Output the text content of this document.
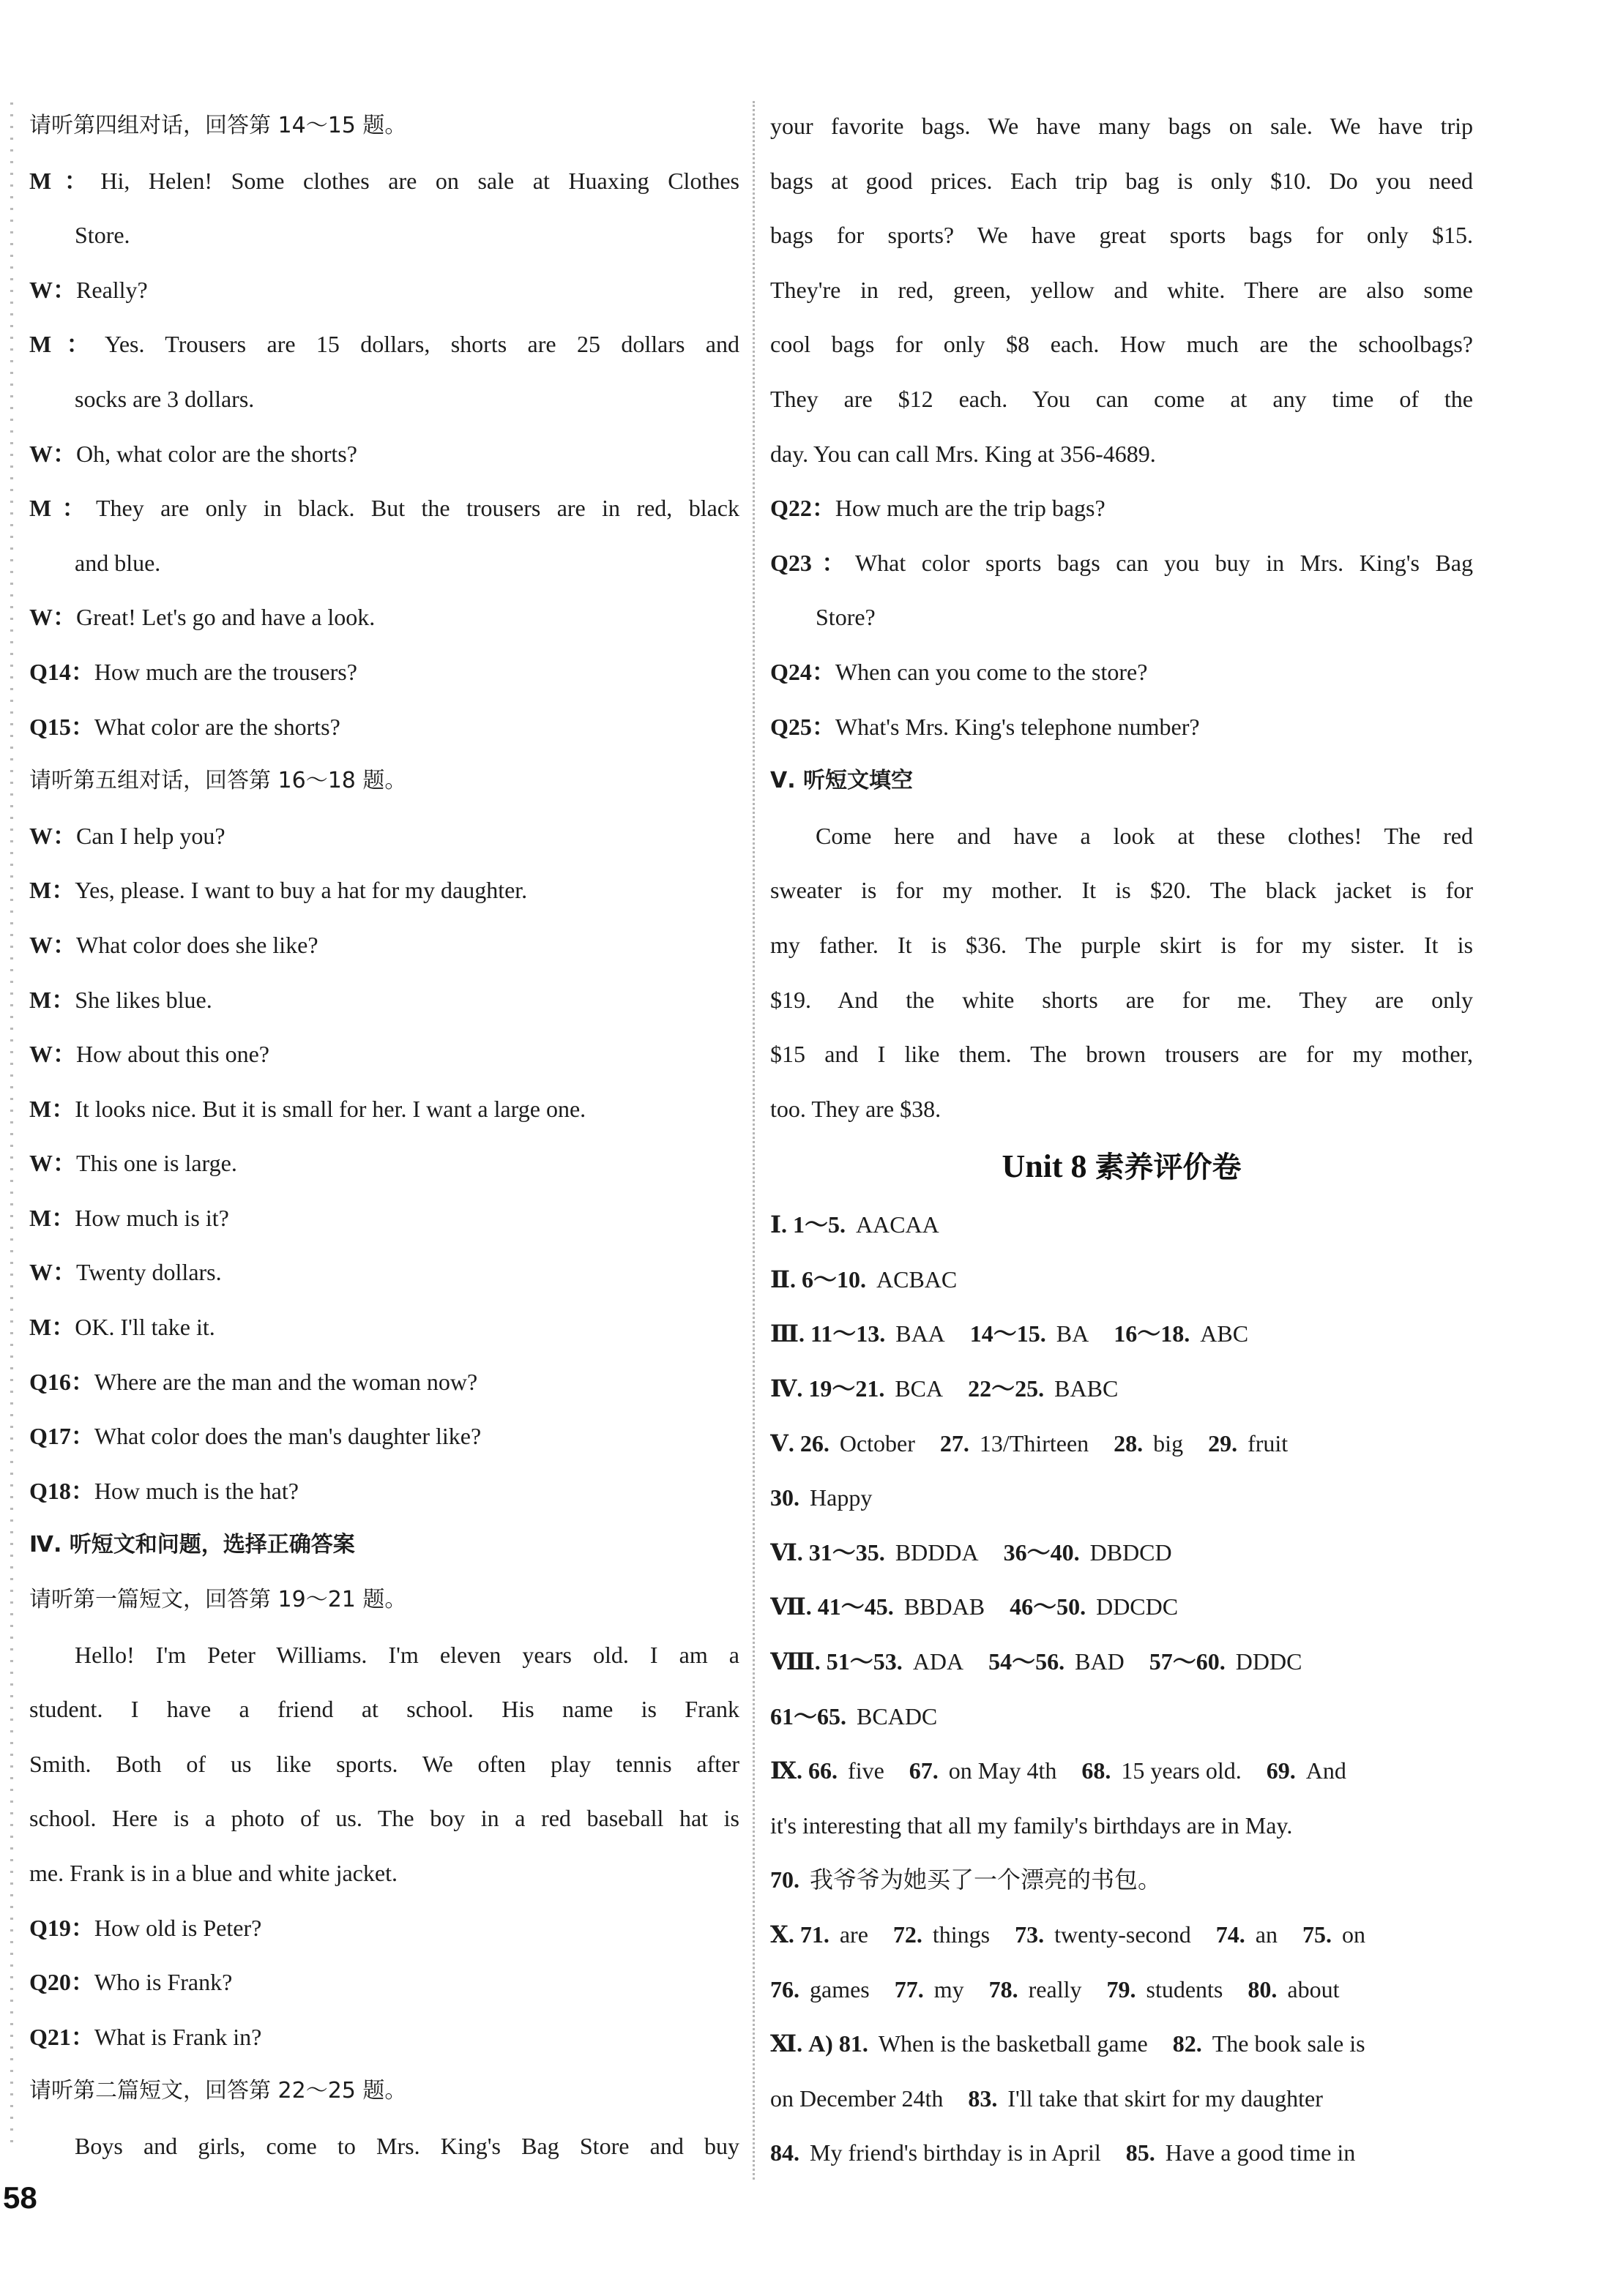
请听第四组对话，回答第 14～15 题。
M：Hi, Helen! Some clothes are on sale at Huaxing Clothes
Store.
W：Really?
M：Yes. Trousers are 15 dollars, shorts are 25 dollars and
socks are 3 dollars.
W：Oh, what color are the shorts?
M：They are only in black. But the trousers are in red, black
and blue.
W：Great! Let's go and have a look.
Q14：How much are the trousers?
Q15：What color are the shorts?
请听第五组对话，回答第 16～18 题。
W：Can I help you?
M：Yes, please. I want to buy a hat for my daughter.
W：What color does she like?
M：She likes blue.
W：How about this one?
M：It looks nice. But it is small for her. I want a large one.
W：This one is large.
M：How much is it?
W：Twenty dollars.
M：OK. I'll take it.
Q16：Where are the man and the woman now?
Q17：What color does the man's daughter like?
Q18：How much is the hat?
Ⅳ. 听短文和问题，选择正确答案
请听第一篇短文，回答第 19～21 题。
Hello! I'm Peter Williams. I'm eleven years old. I am a
student. I have a friend at school. His name is Frank
Smith. Both of us like sports. We often play tennis after
school. Here is a photo of us. The boy in a red baseball hat is
me. Frank is in a blue and white jacket.
Q19：How old is Peter?
Q20：Who is Frank?
Q21：What is Frank in?
请听第二篇短文，回答第 22～25 题。
Boys and girls, come to Mrs. King's Bag Store and buy
your favorite bags. We have many bags on sale. We have trip
bags at good prices. Each trip bag is only $10. Do you need
bags for sports? We have great sports bags for only $15.
They're in red, green, yellow and white. There are also some
cool bags for only $8 each. How much are the schoolbags?
They are $12 each. You can come at any time of the
day. You can call Mrs. King at 356-4689.
Q22：How much are the trip bags?
Q23：What color sports bags can you buy in Mrs. King's Bag
Store?
Q24：When can you come to the store?
Q25：What's Mrs. King's telephone number?
Ⅴ. 听短文填空
Come here and have a look at these clothes! The red
sweater is for my mother. It is $20. The black jacket is for
my father. It is $36. The purple skirt is for my sister. It is
$19. And the white shorts are for me. They are only
$15 and I like them. The brown trousers are for my mother,
too. They are $38.
Unit 8 素养评价卷
Ⅰ. 1～5. AACAA
Ⅱ. 6～10. ACBAC
Ⅲ. 11～13. BAA 14～15. BA 16～18. ABC
Ⅳ. 19～21. BCA 22～25. BABC
Ⅴ. 26. October 27. 13/Thirteen 28. big 29. fruit
30. Happy
Ⅵ. 31～35. BDDDA 36～40. DBDCD
Ⅶ. 41～45. BBDAB 46～50. DDCDC
Ⅷ. 51～53. ADA 54～56. BAD 57～60. DDDC
61～65. BCADC
Ⅸ. 66. five 67. on May 4th 68. 15 years old. 69. And
it's interesting that all my family's birthdays are in May.
70. 我爷爷为她买了一个漂亮的书包。
Ⅹ. 71. are 72. things 73. twenty-second 74. an 75. on
76. games 77. my 78. really 79. students 80. about
Ⅺ. A) 81. When is the basketball game 82. The book sale is
on December 24th 83. I'll take that skirt for my daughter
84. My friend's birthday is in April 85. Have a good time in
58
